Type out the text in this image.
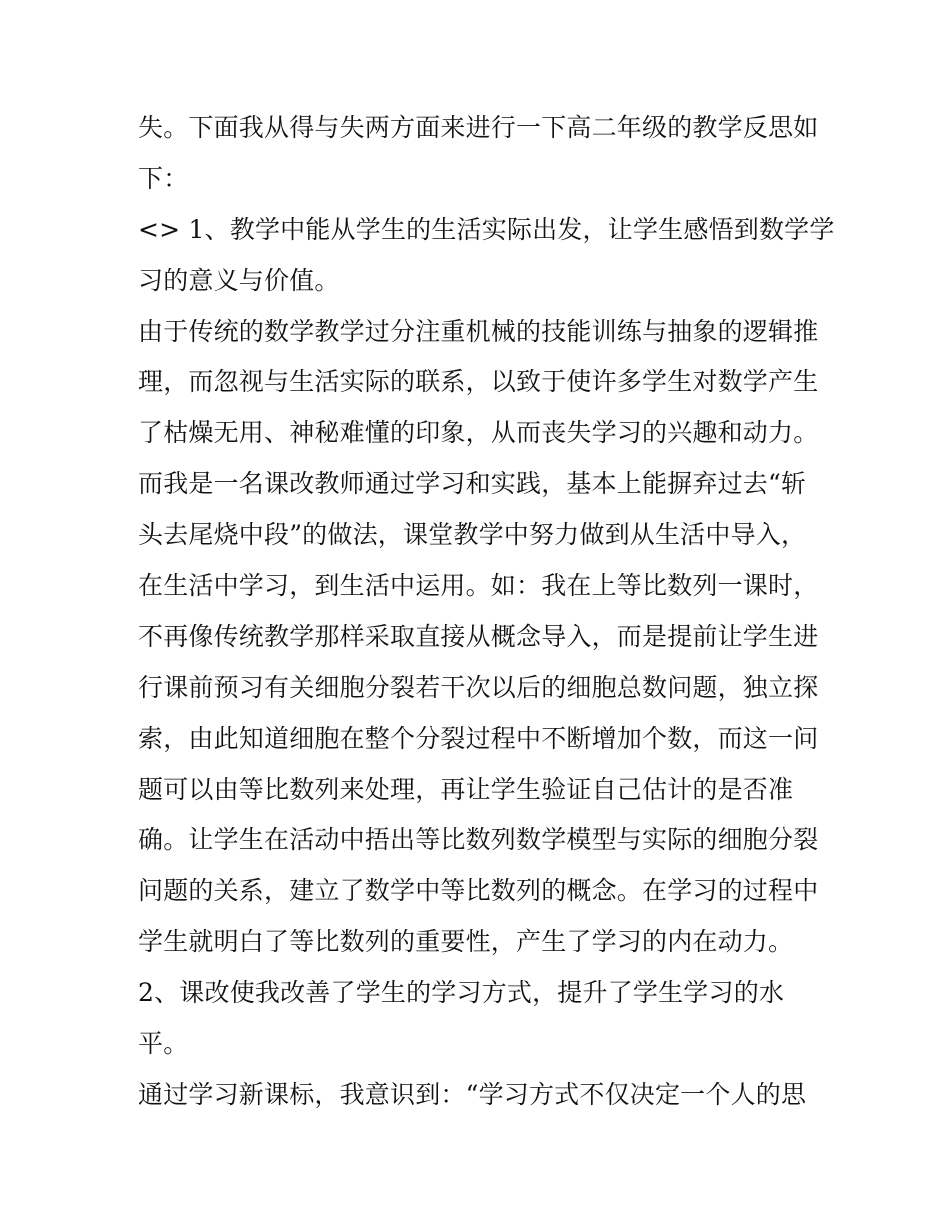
失。下面我从得与失两方面来进行一下高二年级的教学反思如
下：
<> 1、教学中能从学生的生活实际出发，让学生感悟到数学学
习的意义与价值。
由于传统的数学教学过分注重机械的技能训练与抽象的逻辑推
理，而忽视与生活实际的联系，以致于使许多学生对数学产生
了枯燥无用、神秘难懂的印象，从而丧失学习的兴趣和动力。
而我是一名课改教师通过学习和实践，基本上能摒弃过去“斩
头去尾烧中段”的做法，课堂教学中努力做到从生活中导入，
在生活中学习，到生活中运用。如：我在上等比数列一课时，
不再像传统教学那样采取直接从概念导入，而是提前让学生进
行课前预习有关细胞分裂若干次以后的细胞总数问题，独立探
索，由此知道细胞在整个分裂过程中不断增加个数，而这一问
题可以由等比数列来处理，再让学生验证自己估计的是否准
确。让学生在活动中捂出等比数列数学模型与实际的细胞分裂
问题的关系，建立了数学中等比数列的概念。在学习的过程中
学生就明白了等比数列的重要性，产生了学习的内在动力。
2、课改使我改善了学生的学习方式，提升了学生学习的水
平。
通过学习新课标，我意识到：“学习方式不仅决定一个人的思
